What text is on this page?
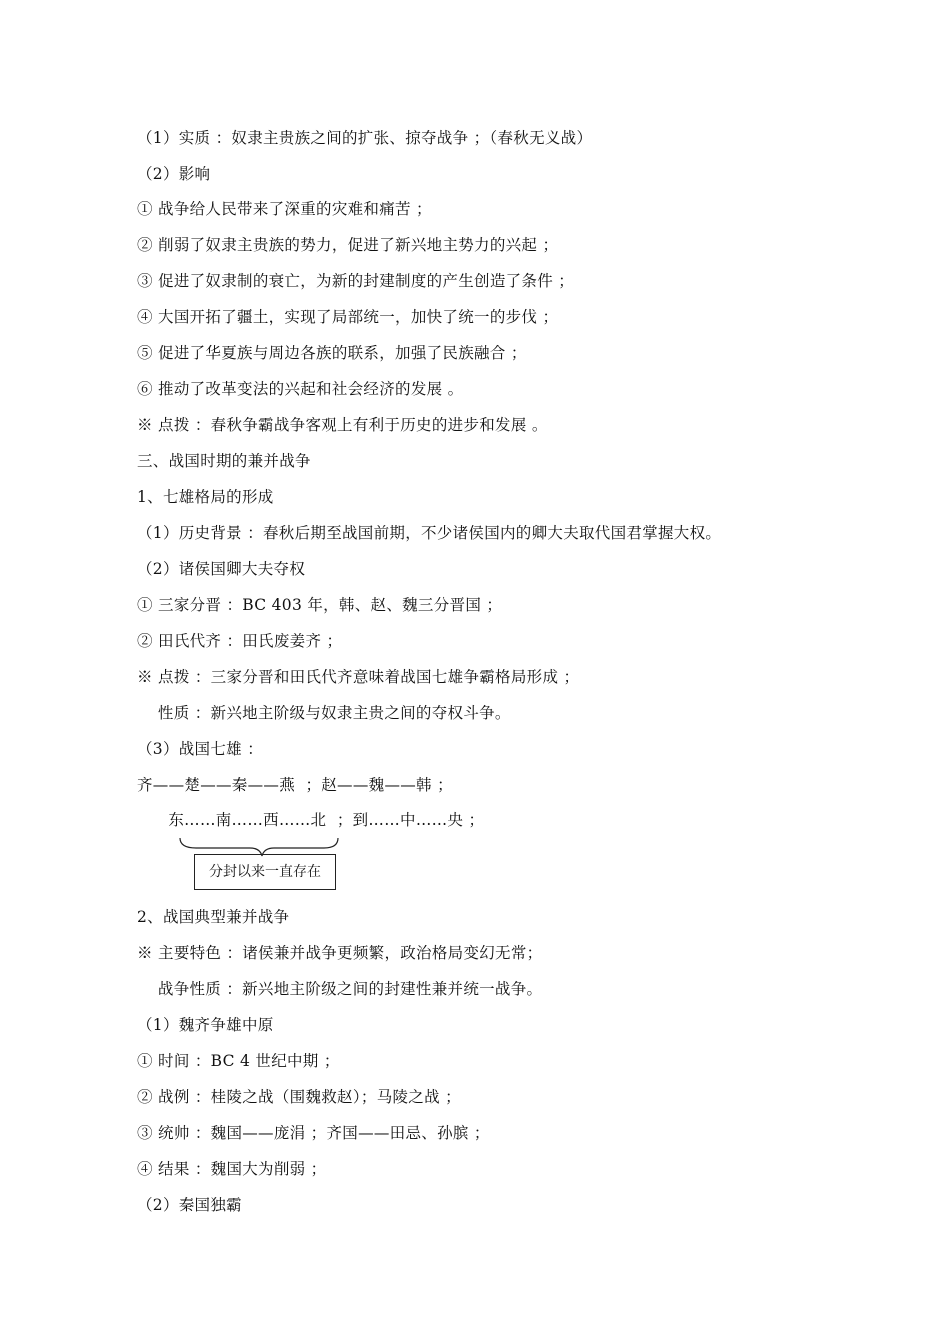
（1）实质 ：奴隶主贵族之间的扩张、掠夺战争 ；（春秋无义战）
（2）影响
① 战争给人民带来了深重的灾难和痛苦 ；
② 削弱了奴隶主贵族的势力，促进了新兴地主势力的兴起 ；
③ 促进了奴隶制的衰亡，为新的封建制度的产生创造了条件 ；
④ 大国开拓了疆土，实现了局部统一，加快了统一的步伐 ；
⑤ 促进了华夏族与周边各族的联系，加强了民族融合 ；
⑥ 推动了改革变法的兴起和社会经济的发展 。
※ 点拨 ：春秋争霸战争客观上有利于历史的进步和发展 。
三、战国时期的兼并战争
1、七雄格局的形成
（1）历史背景 ：春秋后期至战国前期，不少诸侯国内的卿大夫取代国君掌握大权。
（2）诸侯国卿大夫夺权
① 三家分晋 ：BC 403 年，韩、赵、魏三分晋国 ；
② 田氏代齐 ：田氏废姜齐 ；
※ 点拨 ：三家分晋和田氏代齐意味着战国七雄争霸格局形成 ；
性质 ：新兴地主阶级与奴隶主贵之间的夺权斗争。
（3）战国七雄 ：
齐——楚——秦——燕  ；赵——魏——韩 ；
东……南……西……北  ；到……中……央 ；
分封以来一直存在
2、战国典型兼并战争
※ 主要特色 ：诸侯兼并战争更频繁，政治格局变幻无常；
战争性质 ：新兴地主阶级之间的封建性兼并统一战争。
（1）魏齐争雄中原
① 时间 ：BC 4 世纪中期 ；
② 战例 ：桂陵之战（围魏救赵）；马陵之战 ；
③ 统帅 ：魏国——庞涓 ；齐国——田忌、孙膑 ；
④ 结果 ：魏国大为削弱 ；
（2）秦国独霸
